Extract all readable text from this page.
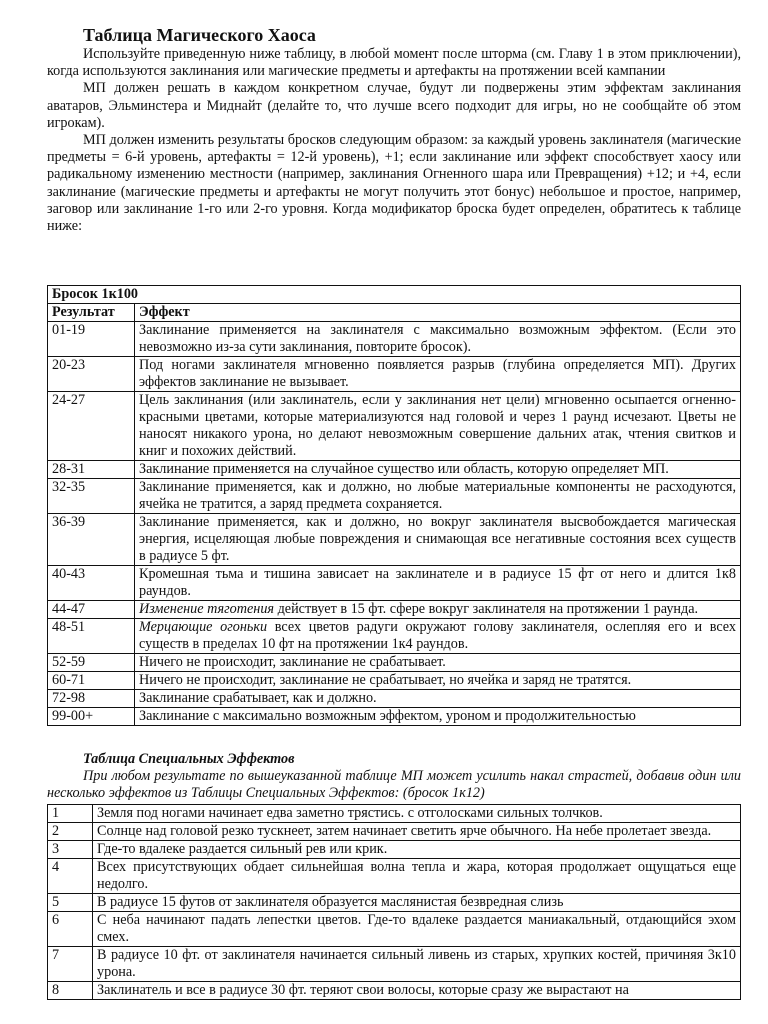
Таблица Магического Хаоса

Используйте приведенную ниже таблицу, в любой момент после шторма (см. Главу 1 в этом приключении), когда используются заклинания или магические предметы и артефакты на протяжении всей кампании

МП должен решать в каждом конкретном случае, будут ли подвержены этим эффектам заклинания аватаров, Эльминстера и Миднайт (делайте то, что лучше всего подходит для игры, но не сообщайте об этом игрокам).

МП должен изменить результаты бросков следующим образом: за каждый уровень заклинателя (магические предметы = 6-й уровень, артефакты = 12-й уровень), +1; если заклинание или эффект способствует хаосу или радикальному изменению местности (например, заклинания Огненного шара или Превращения) +12; и +4, если заклинание (магические предметы и артефакты не могут получить этот бонус) небольшое и простое, например, заговор или заклинание 1-го или 2-го уровня. Когда модификатор броска будет определен, обратитесь к таблице ниже:

Бросок 1к100	
Результат	Эффект
01-19	Заклинание применяется на заклинателя с максимально возможным эффектом. (Если это невозможно из-за сути заклинания, повторите бросок).
20-23	Под ногами заклинателя мгновенно появляется разрыв (глубина определяется МП). Других эффектов заклинание не вызывает.
24-27	Цель заклинания (или заклинатель, если у заклинания нет цели) мгновенно осыпается огненно-красными цветами, которые материализуются над головой и через 1 раунд исчезают. Цветы не наносят никакого урона, но делают невозможным совершение дальних атак, чтения свитков и книг и похожих действий.
28-31	Заклинание применяется на случайное существо или область, которую определяет МП.
32-35	Заклинание применяется, как и должно, но любые материальные компоненты не расходуются, ячейка не тратится, а заряд предмета сохраняется.
36-39	Заклинание применяется, как и должно, но вокруг заклинателя высвобождается магическая энергия, исцеляющая любые повреждения и снимающая все негативные состояния всех существ в радиусе 5 фт.
40-43	Кромешная тьма и тишина зависает на заклинателе и в радиусе 15 фт от него и длится 1к8 раундов.
44-47	Изменение тяготения действует в 15 фт. сфере вокруг заклинателя на протяжении 1 раунда.
48-51	Мерцающие огоньки всех цветов радуги окружают голову заклинателя, ослепляя его и всех существ в пределах 10 фт на протяжении 1к4 раундов.
52-59	Ничего не происходит, заклинание не срабатывает.
60-71	Ничего не происходит, заклинание не срабатывает, но ячейка и заряд не тратятся.
72-98	Заклинание срабатывает, как и должно.
99-00+	Заклинание с максимально возможным эффектом, уроном и продолжительностью
Таблица Специальных Эффектов

При любом результате по вышеуказанной таблице МП может усилить накал страстей, добавив один или несколько эффектов из Таблицы Специальных Эффектов: (бросок 1к12)

1	Земля под ногами начинает едва заметно трястись. с отголосками сильных толчков.
2	Солнце над головой резко тускнеет, затем начинает светить ярче обычного. На небе пролетает звезда.
3	Где-то вдалеке раздается сильный рев или крик.
4	Всех присутствующих обдает сильнейшая волна тепла и жара, которая продолжает ощущаться еще недолго.
5	В радиусе 15 футов от заклинателя образуется маслянистая безвредная слизь
6	С неба начинают падать лепестки цветов. Где-то вдалеке раздается маниакальный, отдающийся эхом смех.
7	В радиусе 10 фт. от заклинателя начинается сильный ливень из старых, хрупких костей, причиняя 3к10 урона.
8	Заклинатель и все в радиусе 30 фт. теряют свои волосы, которые сразу же вырастают на
